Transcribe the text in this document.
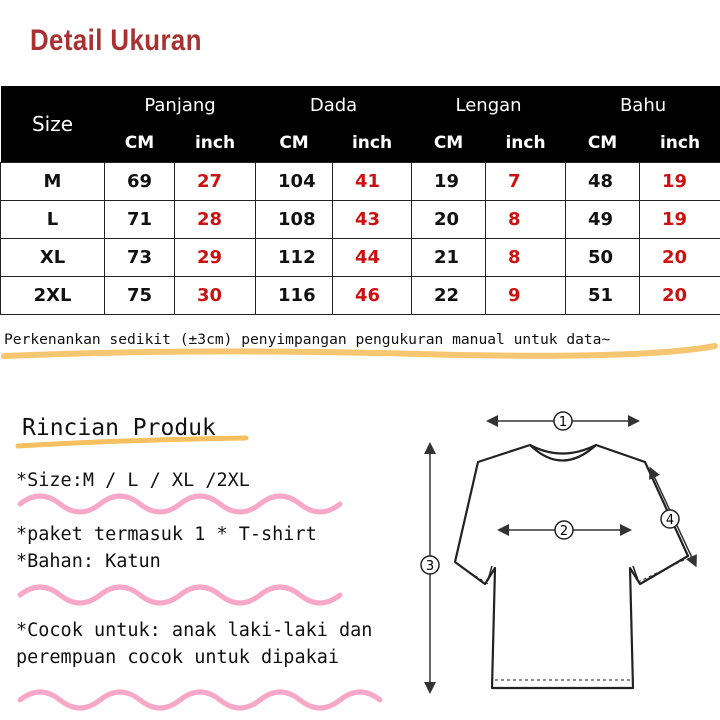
Detail Ukuran
Size	Panjang		Dada		Lengan		Bahu	
	CM	inch	CM	inch	CM	inch	CM	inch
M	69	27	104	41	19	7	48	19
L	71	28	108	43	20	8	49	19
XL	73	29	112	44	21	8	50	20
2XL	75	30	116	46	22	9	51	20
Perkenankan sedikit (±3cm) penyimpangan pengukuran manual untuk data~
Rincian Produk
*Size:M / L / XL /2XL
*paket termasuk 1 * T-shirt
*Bahan: Katun
*Cocok untuk: anak laki-laki dan
perempuan cocok untuk dipakai
1
2
3
4
